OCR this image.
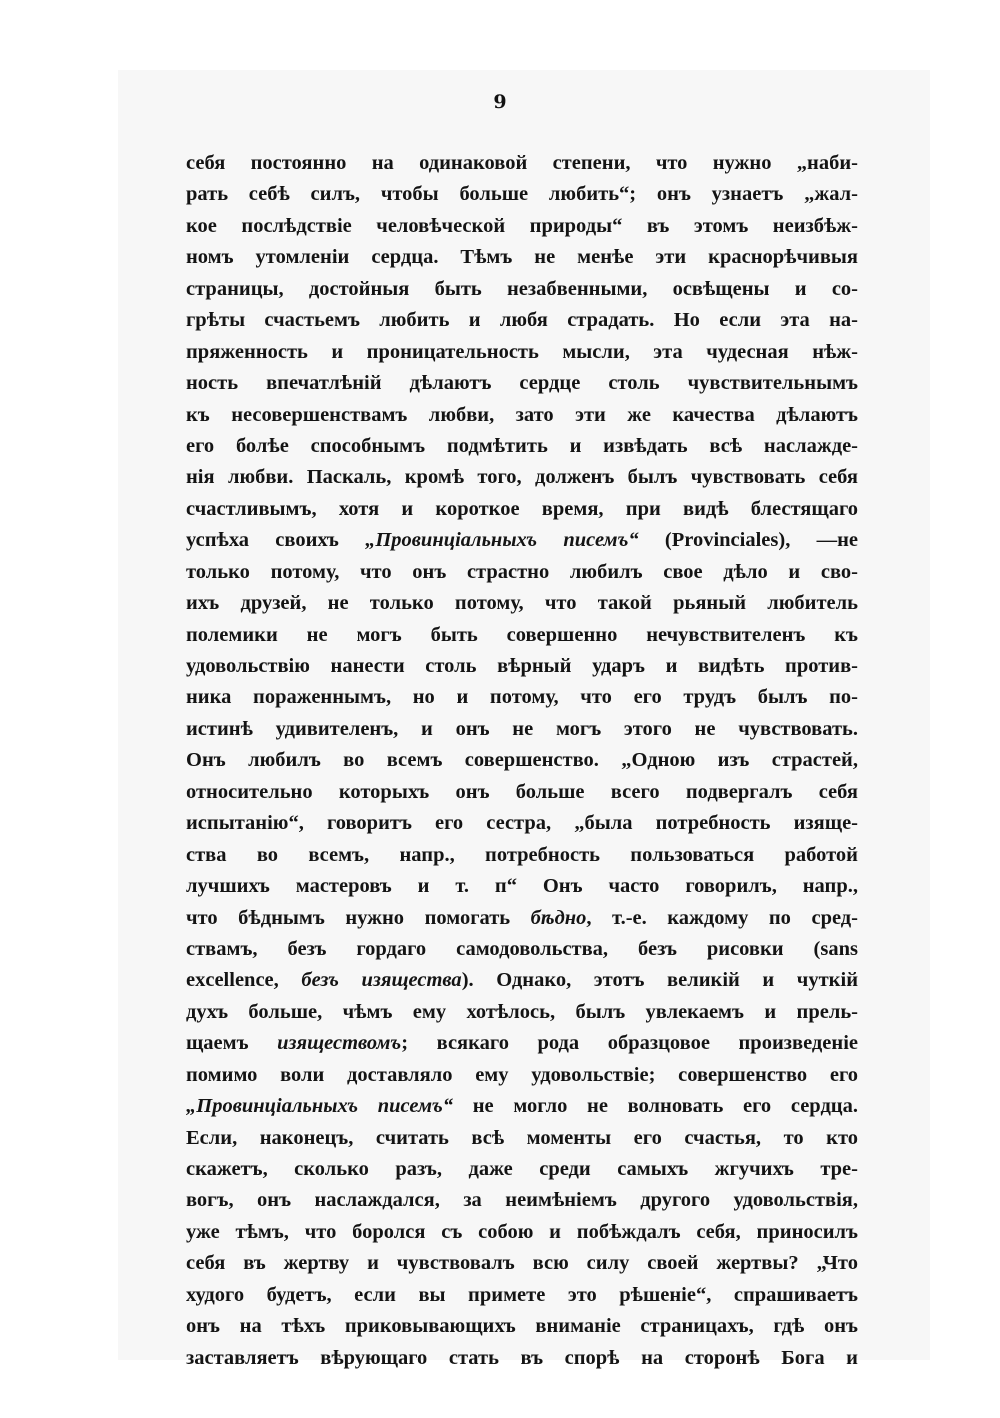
9
себя постоянно на одинаковой степени, что нужно „наби-
рать себѣ силъ, чтобы больше любить“; онъ узнаетъ „жал-
кое послѣдствіе человѣческой природы“ въ этомъ неизбѣж-
номъ утомленіи сердца. Тѣмъ не менѣе эти краснорѣчивыя
страницы, достойныя быть незабвенными, освѣщены и со-
грѣты счастьемъ любить и любя страдать. Но если эта на-
пряженность и проницательность мысли, эта чудесная нѣж-
ность впечатлѣній дѣлаютъ сердце столь чувствительнымъ
къ несовершенствамъ любви, зато эти же качества дѣлаютъ
его болѣе способнымъ подмѣтить и извѣдать всѣ наслажде-
нія любви. Паскаль, кромѣ того, долженъ былъ чувствовать себя
счастливымъ, хотя и короткое время, при видѣ блестящаго
успѣха своихъ „Провинціальныхъ писемъ“ (Provinciales), —не
только потому, что онъ страстно любилъ свое дѣло и сво-
ихъ друзей, не только потому, что такой рьяный любитель
полемики не могъ быть совершенно нечувствителенъ къ
удовольствію нанести столь вѣрный ударъ и видѣть против-
ника пораженнымъ, но и потому, что его трудъ былъ по-
истинѣ удивителенъ, и онъ не могъ этого не чувствовать.
Онъ любилъ во всемъ совершенство. „Одною изъ страстей,
относительно которыхъ онъ больше всего подвергалъ себя
испытанію“, говоритъ его сестра, „была потребность изяще-
ства во всемъ, напр., потребность пользоваться работой
лучшихъ мастеровъ и т. п“ Онъ часто говорилъ, напр.,
что бѣднымъ нужно помогать бѣдно, т.-е. каждому по сред-
ствамъ, безъ гордаго самодовольства, безъ рисовки (sans
excellence, безъ изящества). Однако, этотъ великій и чуткій
духъ больше, чѣмъ ему хотѣлось, былъ увлекаемъ и прель-
щаемъ изяществомъ; всякаго рода образцовое произведеніе
помимо воли доставляло ему удовольствіе; совершенство его
„Провинціальныхъ писемъ“ не могло не волновать его сердца.
Если, наконецъ, считать всѣ моменты его счастья, то кто
скажетъ, сколько разъ, даже среди самыхъ жгучихъ тре-
вогъ, онъ наслаждался, за неимѣніемъ другого удовольствія,
уже тѣмъ, что боролся съ собою и побѣждалъ себя, приносилъ
себя въ жертву и чувствовалъ всю силу своей жертвы? „Что
худого будетъ, если вы примете это рѣшеніе“, спрашиваетъ
онъ на тѣхъ приковывающихъ вниманіе страницахъ, гдѣ онъ
заставляетъ вѣрующаго стать въ спорѣ на сторонѣ Бога и
